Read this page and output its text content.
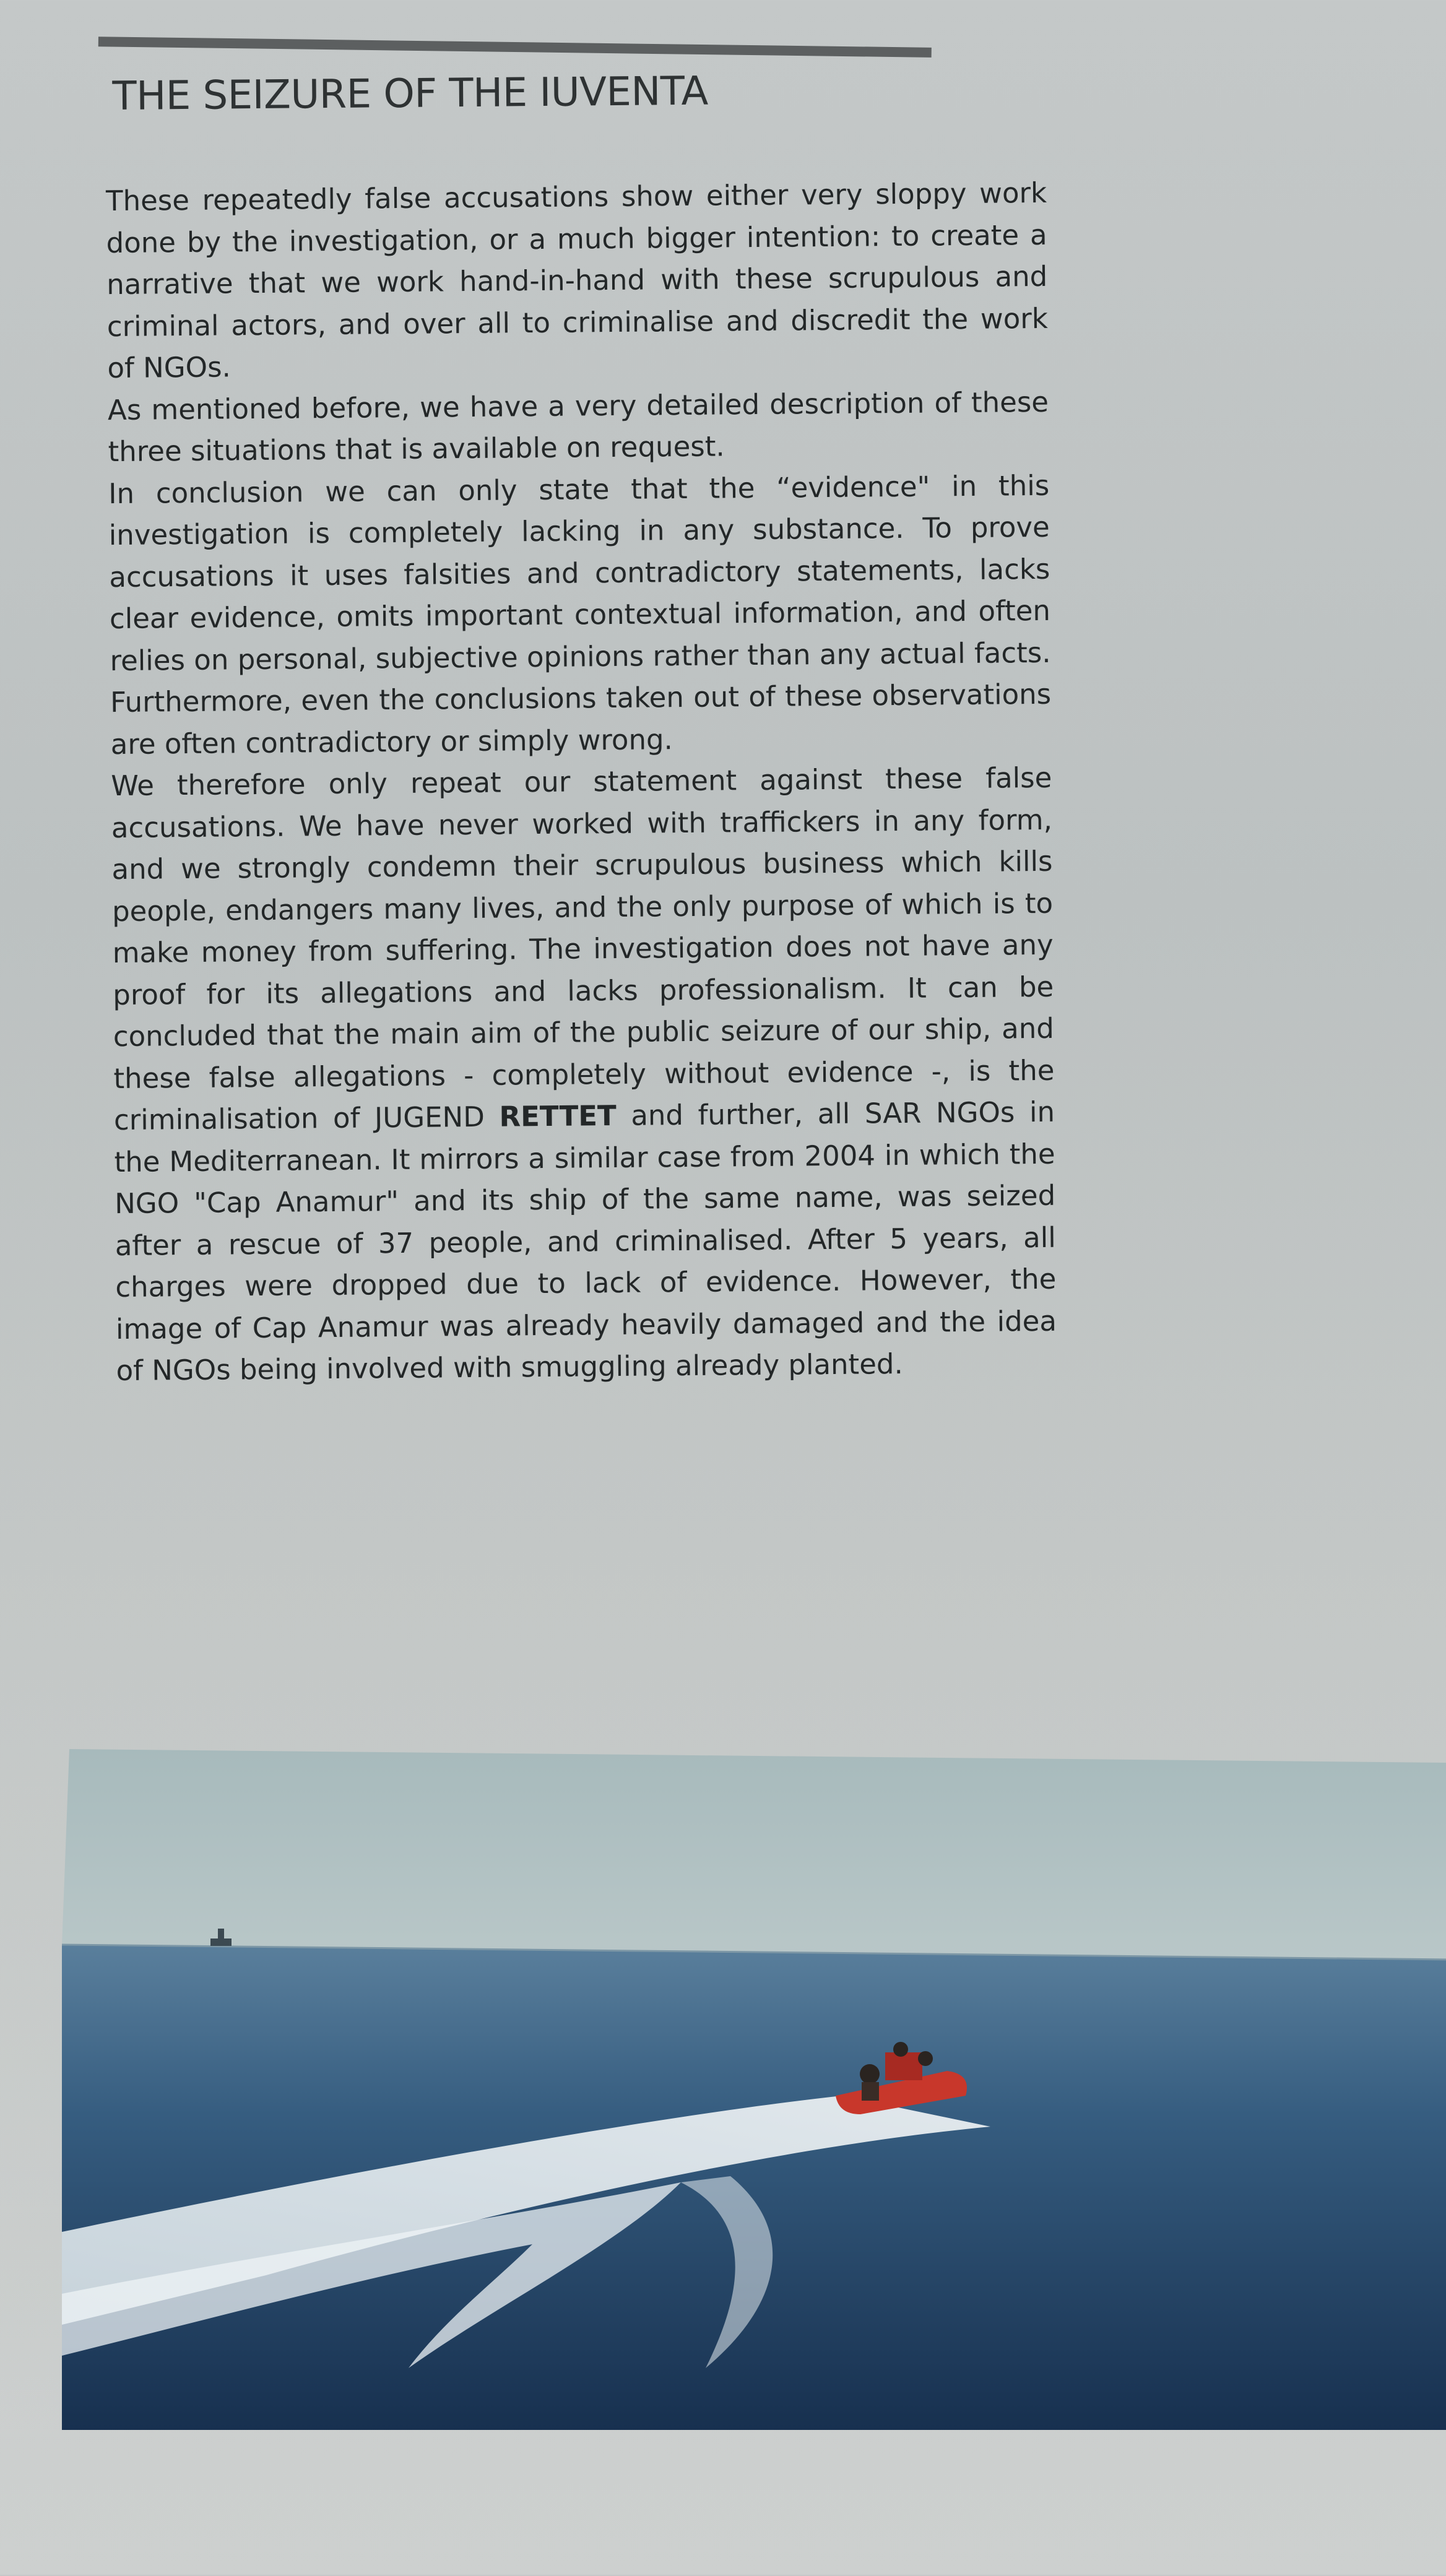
THE SEIZURE OF THE IUVENTA

These repeatedly false accusations show either very sloppy work done by the investigation, or a much bigger intention: to create a narrative that we work hand-in-hand with these scrupulous and criminal actors, and over all to criminalise and discredit the work of NGOs.

As mentioned before, we have a very detailed description of these three situations that is available on request.

In conclusion we can only state that the “evidence" in this investigation is completely lacking in any substance. To prove accusations it uses falsities and contradictory statements, lacks clear evidence, omits important contextual information, and often relies on personal, subjective opinions rather than any actual facts. Furthermore, even the conclusions taken out of these observations are often contradictory or simply wrong.

We therefore only repeat our statement against these false accusations. We have never worked with traffickers in any form, and we strongly condemn their scrupulous business which kills people, endangers many lives, and the only purpose of which is to make money from suffering. The investigation does not have any proof for its allegations and lacks professionalism. It can be concluded that the main aim of the public seizure of our ship, and these false allegations - completely without evidence -, is the criminalisation of JUGEND RETTET and further, all SAR NGOs in the Mediterranean. It mirrors a similar case from 2004 in which the NGO "Cap Anamur" and its ship of the same name, was seized after a rescue of 37 people, and criminalised. After 5 years, all charges were dropped due to lack of evidence. However, the image of Cap Anamur was already heavily damaged and the idea of NGOs being involved with smuggling already planted.
